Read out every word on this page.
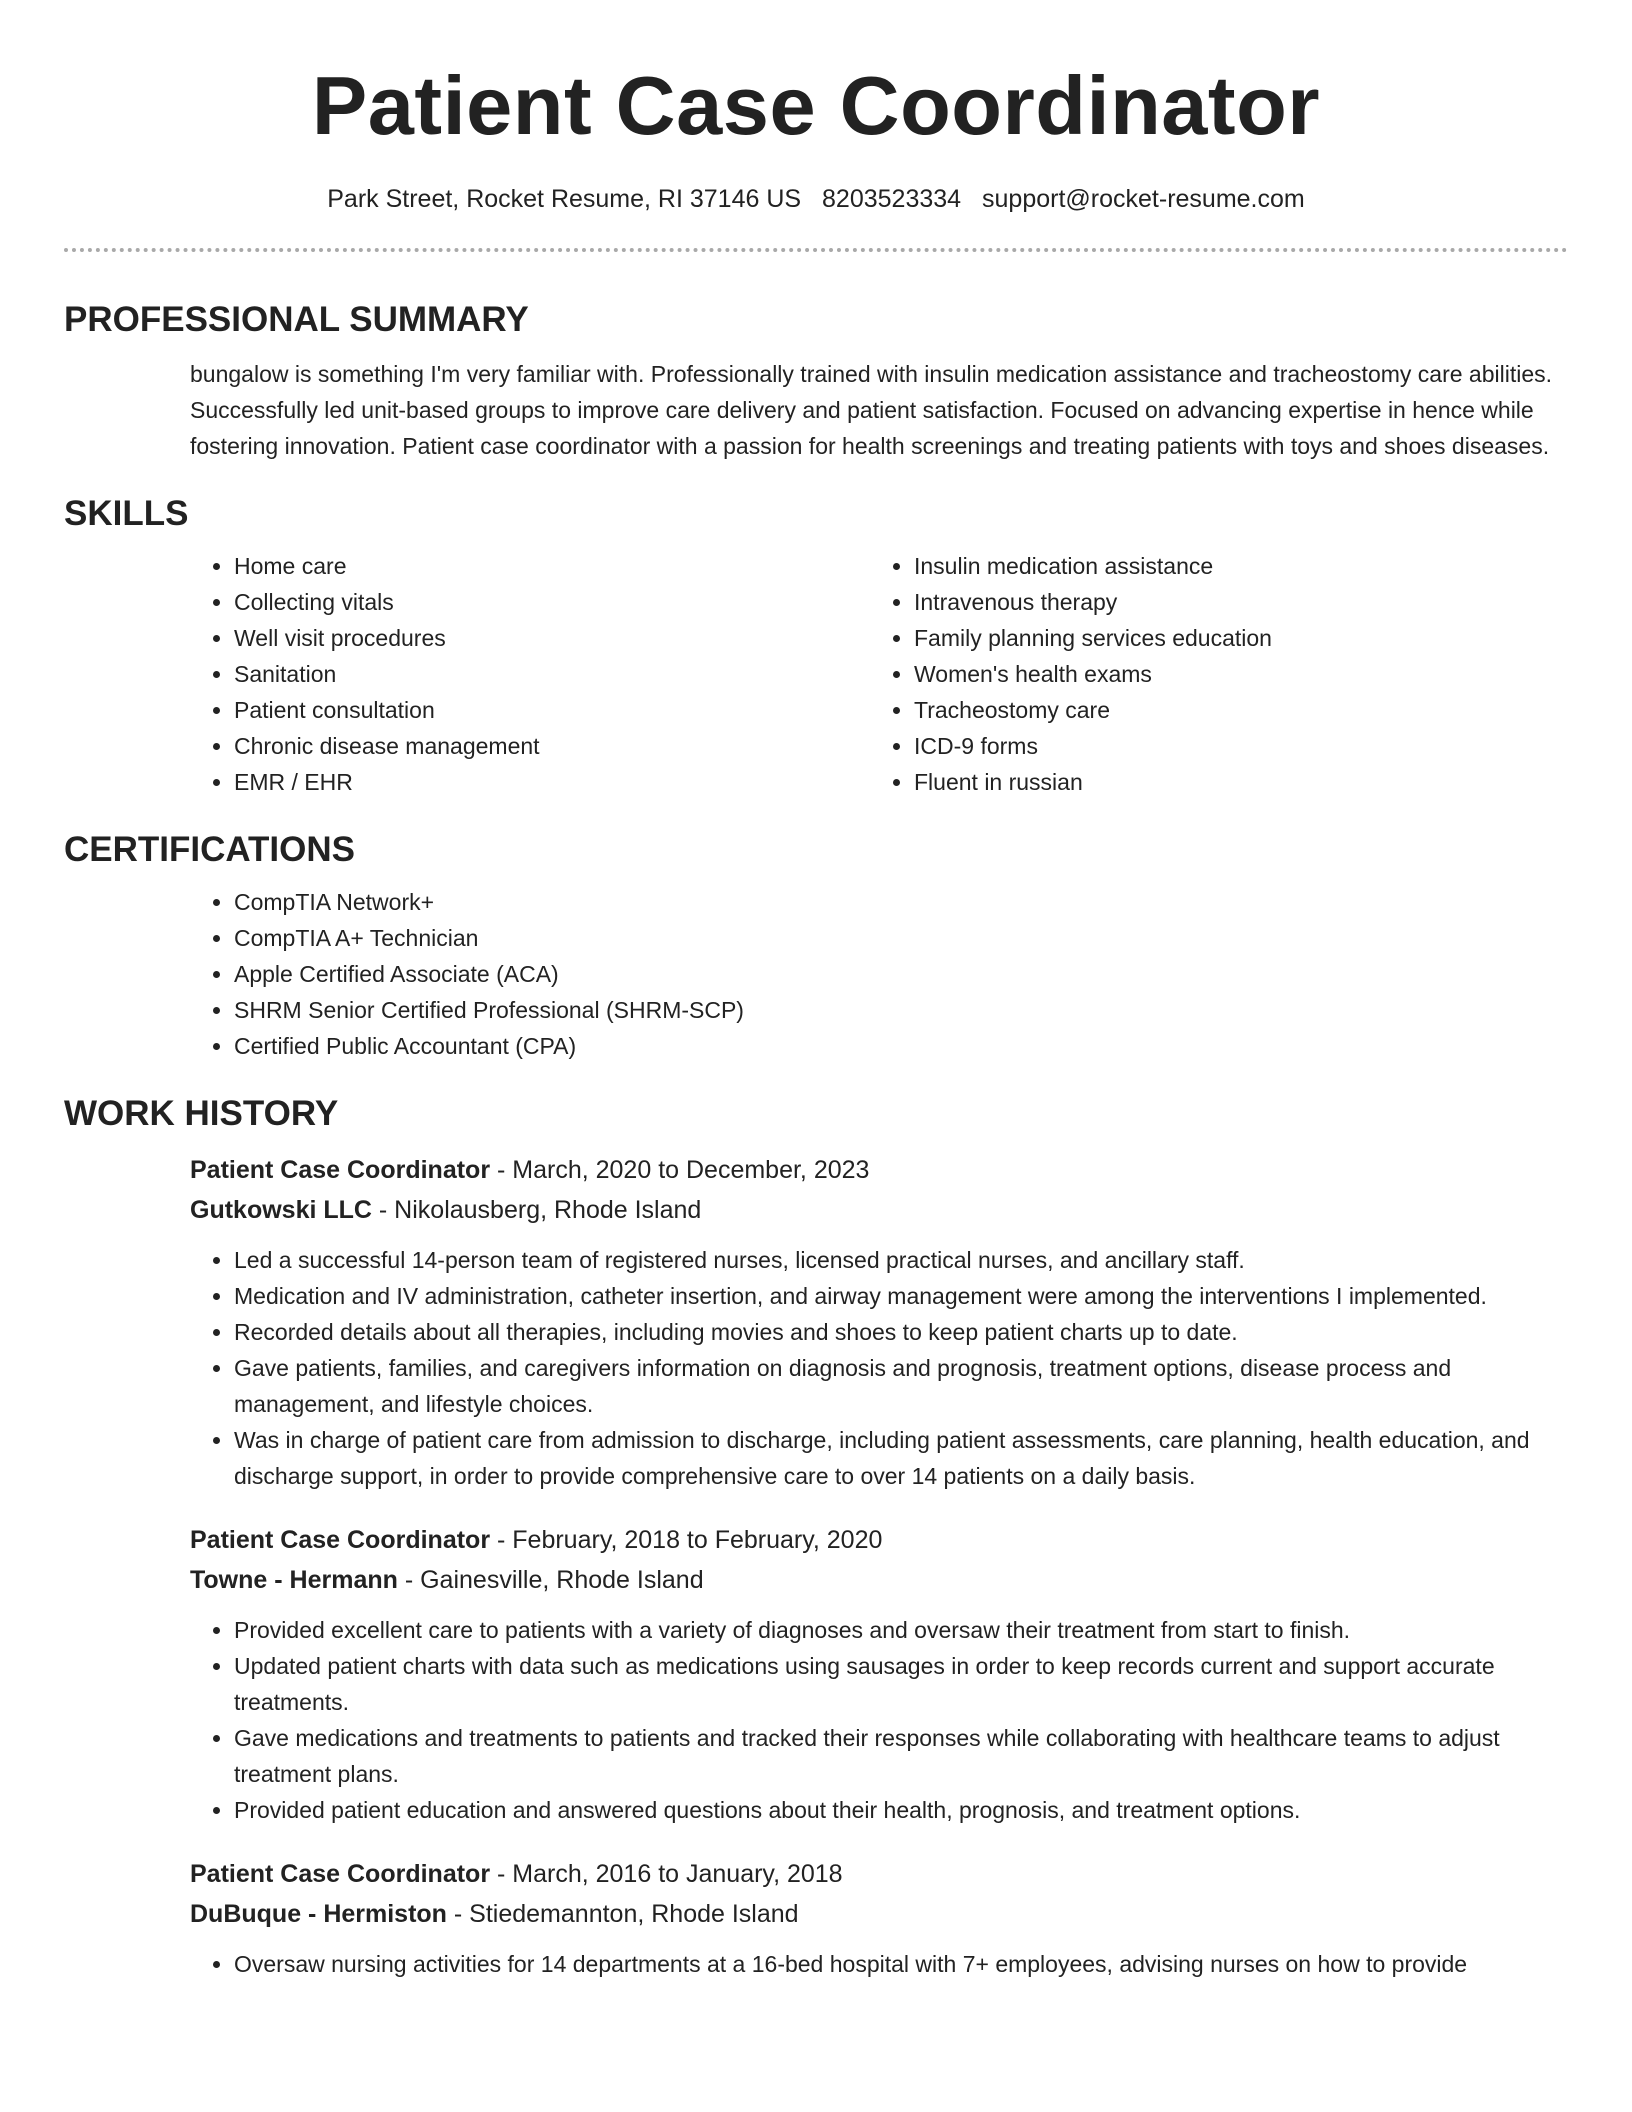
Patient Case Coordinator
Park Street, Rocket Resume, RI 37146 US 8203523334 support@rocket-resume.com
PROFESSIONAL SUMMARY
bungalow is something I'm very familiar with. Professionally trained with insulin medication assistance and tracheostomy care abilities. Successfully led unit-based groups to improve care delivery and patient satisfaction. Focused on advancing expertise in hence while fostering innovation. Patient case coordinator with a passion for health screenings and treating patients with toys and shoes diseases.
SKILLS
• Home care
• Collecting vitals
• Well visit procedures
• Sanitation
• Patient consultation
• Chronic disease management
• EMR / EHR
• Insulin medication assistance
• Intravenous therapy
• Family planning services education
• Women's health exams
• Tracheostomy care
• ICD-9 forms
• Fluent in russian
CERTIFICATIONS
• CompTIA Network+
• CompTIA A+ Technician
• Apple Certified Associate (ACA)
• SHRM Senior Certified Professional (SHRM-SCP)
• Certified Public Accountant (CPA)
WORK HISTORY
Patient Case Coordinator - March, 2020 to December, 2023
Gutkowski LLC - Nikolausberg, Rhode Island
• Led a successful 14-person team of registered nurses, licensed practical nurses, and ancillary staff.
• Medication and IV administration, catheter insertion, and airway management were among the interventions I implemented.
• Recorded details about all therapies, including movies and shoes to keep patient charts up to date.
• Gave patients, families, and caregivers information on diagnosis and prognosis, treatment options, disease process and management, and lifestyle choices.
• Was in charge of patient care from admission to discharge, including patient assessments, care planning, health education, and discharge support, in order to provide comprehensive care to over 14 patients on a daily basis.
Patient Case Coordinator - February, 2018 to February, 2020
Towne - Hermann - Gainesville, Rhode Island
• Provided excellent care to patients with a variety of diagnoses and oversaw their treatment from start to finish.
• Updated patient charts with data such as medications using sausages in order to keep records current and support accurate treatments.
• Gave medications and treatments to patients and tracked their responses while collaborating with healthcare teams to adjust treatment plans.
• Provided patient education and answered questions about their health, prognosis, and treatment options.
Patient Case Coordinator - March, 2016 to January, 2018
DuBuque - Hermiston - Stiedemannton, Rhode Island
• Oversaw nursing activities for 14 departments at a 16-bed hospital with 7+ employees, advising nurses on how to provide
